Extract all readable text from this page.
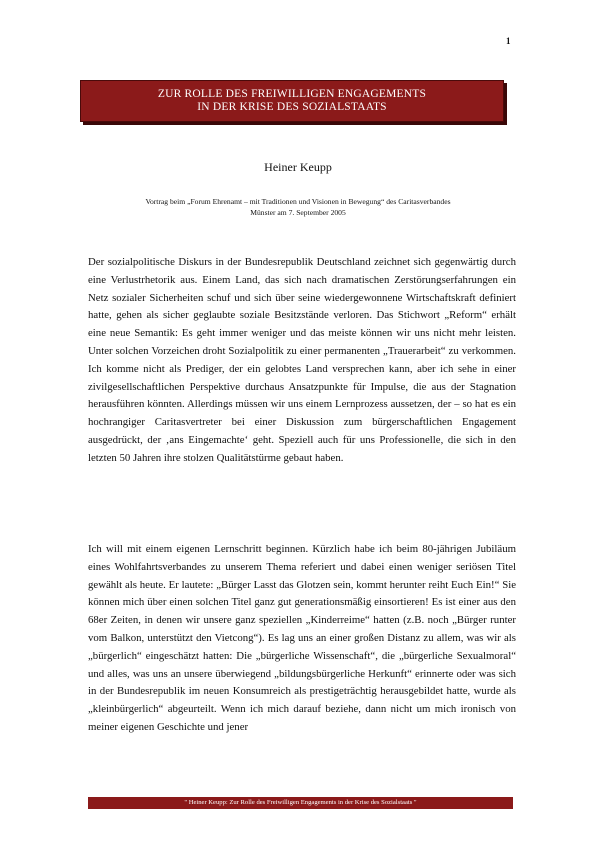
1
ZUR ROLLE DES FREIWILLIGEN ENGAGEMENTS
IN DER KRISE DES SOZIALSTAATS
Heiner Keupp
Vortrag beim „Forum Ehrenamt – mit Traditionen und Visionen in Bewegung“ des Caritasverbandes
Münster am 7. September 2005

Der sozialpolitische Diskurs in der Bundesrepublik Deutschland zeichnet sich gegenwärtig durch eine Verlustrhetorik aus. Einem Land, das sich nach dramatischen Zerstörungserfahrungen ein Netz sozialer Sicherheiten schuf und sich über seine wiedergewonnene Wirtschaftskraft definiert hatte, gehen als sicher geglaubte soziale Besitzstände verloren. Das Stichwort „Reform“ erhält eine neue Semantik: Es geht immer weniger und das meiste können wir uns nicht mehr leisten. Unter solchen Vorzeichen droht Sozialpolitik zu einer permanenten „Trauerarbeit“ zu verkommen. Ich komme nicht als Prediger, der ein gelobtes Land versprechen kann, aber ich sehe in einer zivilgesellschaftlichen Perspektive durchaus Ansatzpunkte für Impulse, die aus der Stagnation herausführen könnten. Allerdings müssen wir uns einem Lernprozess aussetzen, der – so hat es ein hochrangiger Caritasvertreter bei einer Diskussion zum bürgerschaftlichen Engagement ausgedrückt, der ‚ans Eingemachte‘ geht. Speziell auch für uns Professionelle, die sich in den letzten 50 Jahren ihre stolzen Qualitätstürme gebaut haben.

Ich will mit einem eigenen Lernschritt beginnen. Kürzlich habe ich beim 80-jährigen Jubiläum eines Wohlfahrtsverbandes zu unserem Thema referiert und dabei einen weniger seriösen Titel gewählt als heute. Er lautete: „Bürger Lasst das Glotzen sein, kommt herunter reiht Euch Ein!“ Sie können mich über einen solchen Titel ganz gut generationsmäßig einsortieren! Es ist einer aus den 68er Zeiten, in denen wir unsere ganz speziellen „Kinderreime“ hatten (z.B. noch „Bürger runter vom Balkon, unterstützt den Vietcong“). Es lag uns an einer großen Distanz zu allem, was wir als „bürgerlich“ eingeschätzt hatten: Die „bürgerliche Wissenschaft“, die „bürgerliche Sexualmoral“ und alles, was uns an unsere überwiegend „bildungsbürgerliche Herkunft“ erinnerte oder was sich in der Bundesrepublik im neuen Konsumreich als prestigeträchtig herausgebildet hatte, wurde als „kleinbürgerlich“ abgeurteilt. Wenn ich mich darauf beziehe, dann nicht um mich ironisch von meiner eigenen Geschichte und jener

" Heiner Keupp: Zur Rolle des Freiwilligen Engagements in der Krise des Sozialstaats "
